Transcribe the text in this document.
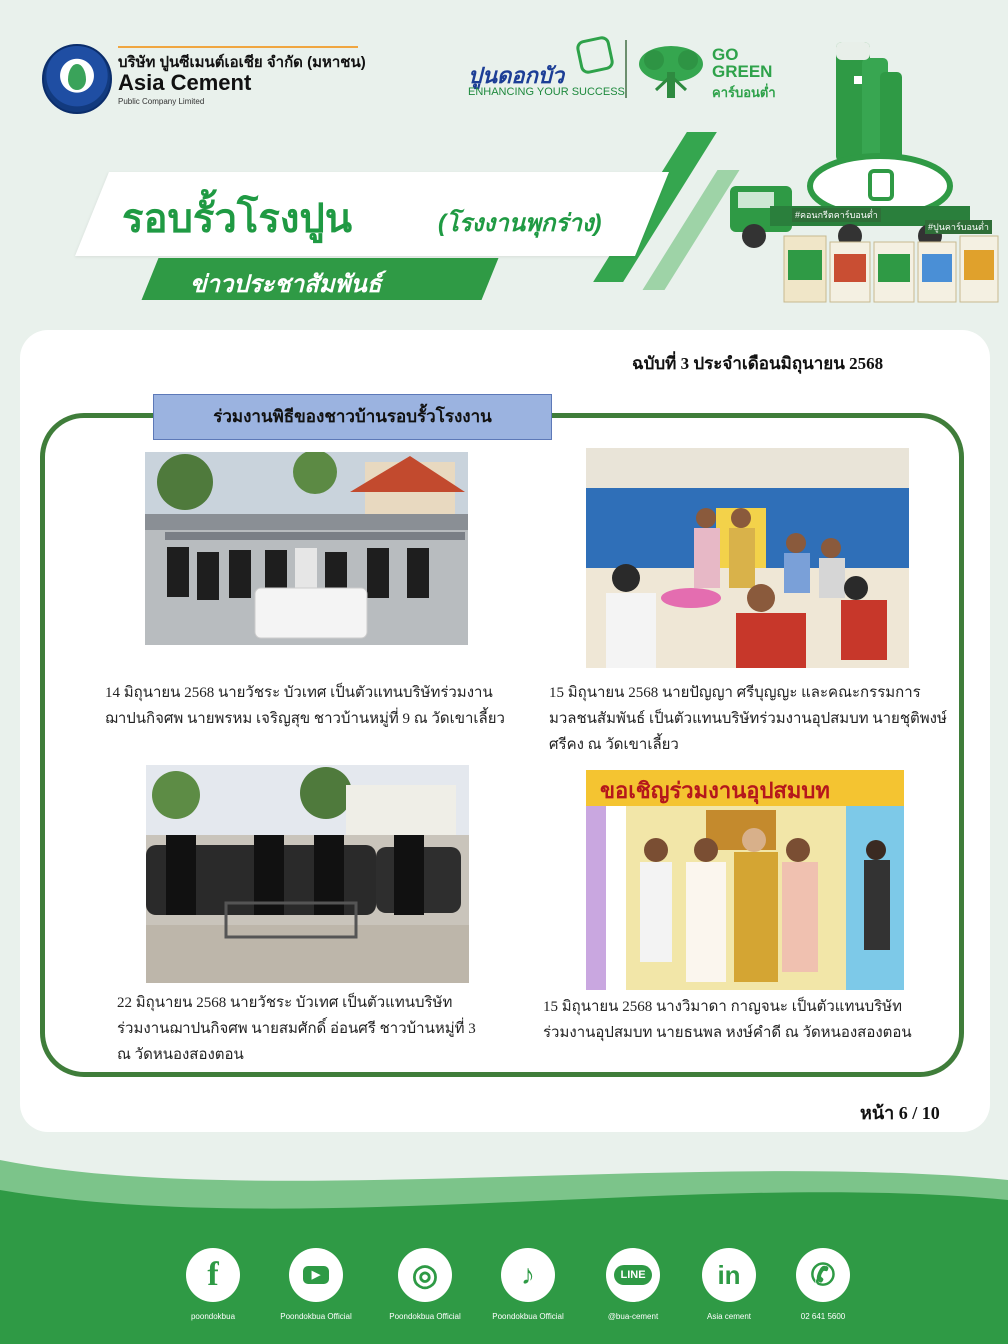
บริษัท ปูนซีเมนต์เอเชีย จำกัด (มหาชน)
Asia Cement
Public Company Limited
ปูนดอกบัว
ENHANCING YOUR SUCCESS
GO GREEN
คาร์บอนต่ำ
รอบรั้วโรงปูน	(โรงงานพุกร่าง)
ข่าวประชาสัมพันธ์
#คอนกรีตคาร์บอนต่ำ
#ปูนคาร์บอนต่ำ
ฉบับที่ 3 ประจำเดือนมิถุนายน 2568
ร่วมงานพิธีของชาวบ้านรอบรั้วโรงงาน
14 มิถุนายน 2568 นายวัชระ บัวเทศ เป็นตัวแทนบริษัทร่วมงาน
ฌาปนกิจศพ นายพรหม เจริญสุข ชาวบ้านหมู่ที่ 9 ณ วัดเขาเลี้ยว
15 มิถุนายน 2568 นายปัญญา ศรีบุญญะ และคณะกรรมการ
มวลชนสัมพันธ์ เป็นตัวแทนบริษัทร่วมงานอุปสมบท นายชุติพงษ์
ศรีคง ณ วัดเขาเลี้ยว
22 มิถุนายน 2568 นายวัชระ บัวเทศ เป็นตัวแทนบริษัท
ร่วมงานฌาปนกิจศพ นายสมศักดิ์ อ่อนศรี ชาวบ้านหมู่ที่ 3
ณ วัดหนองสองตอน
ขอเชิญร่วมงานอุปสมบท
15 มิถุนายน 2568 นางวิมาดา กาญจนะ เป็นตัวแทนบริษัท
ร่วมงานอุปสมบท นายธนพล หงษ์คำดี ณ วัดหนองสองตอน
หน้า 6 / 10
f
poondokbua
▶
Poondokbua Official
◎
Poondokbua Official
♪
Poondokbua Official
LINE
@bua-cement
in
Asia cement
✆
02 641 5600
